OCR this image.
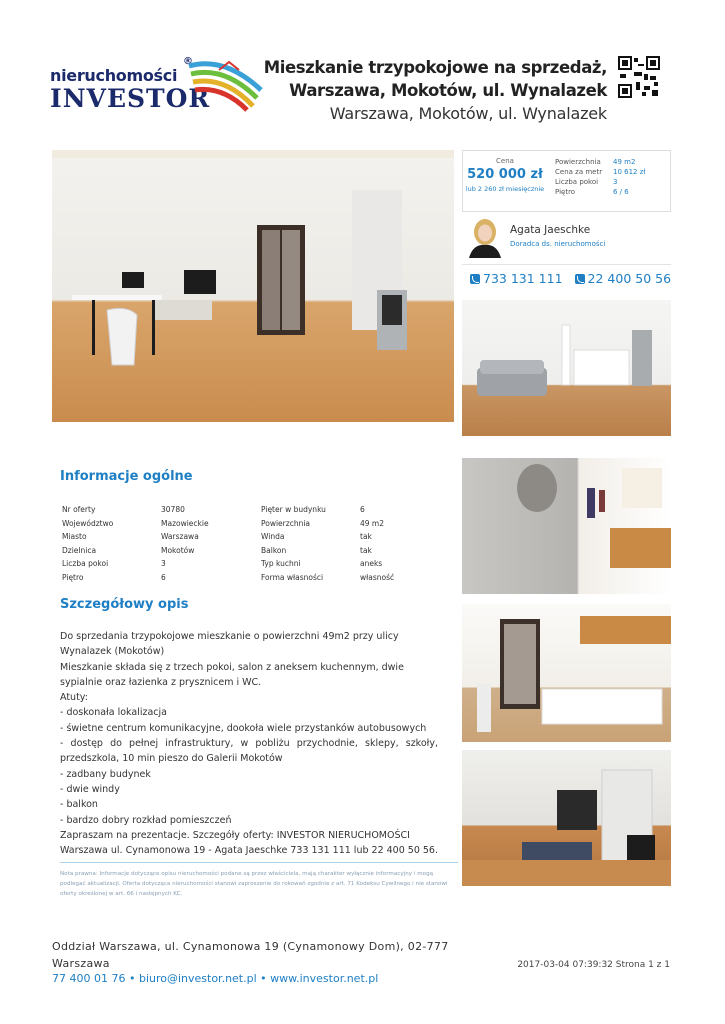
nieruchomości
INVESTOR
®	Mieszkanie trzypokojowe na sprzedaż, Warszawa, Mokotów, ul. Wynalazek
Warszawa, Mokotów, ul. Wynalazek
Cena
520 000 zł
lub 2 260 zł miesięcznie
Powierzchnia	49 m2
Cena za metr	10 612 zł
Liczba pokoi	3
Piętro	6 / 6
Agata Jaeschke
Doradca ds. nieruchomości
733 131 111 22 400 50 56
Informacje ogólne
Nr oferty	30780	Pięter w budynku	6
Województwo	Mazowieckie	Powierzchnia	49 m2
Miasto	Warszawa	Winda	tak
Dzielnica	Mokotów	Balkon	tak
Liczba pokoi	3	Typ kuchni	aneks
Piętro	6	Forma własności	własność
Szczegółowy opis

Do sprzedania trzypokojowe mieszkanie o powierzchni 49m2 przy ulicy Wynalazek (Mokotów)

Mieszkanie składa się z trzech pokoi, salon z aneksem kuchennym, dwie sypialnie oraz łazienka z prysznicem i WC.

Atuty:

- doskonała lokalizacja

- świetne centrum komunikacyjne, dookoła wiele przystanków autobusowych

- dostęp do pełnej infrastruktury, w pobliżu przychodnie, sklepy, szkoły, przedszkola, 10 min pieszo do Galerii Mokotów

- zadbany budynek

- dwie windy

- balkon

- bardzo dobry rozkład pomieszczeń

Zapraszam na prezentacje. Szczegóły oferty: INVESTOR NIERUCHOMOŚCI Warszawa ul. Cynamonowa 19 - Agata Jaeschke 733 131 111 lub 22 400 50 56.

Nota prawna: Informacje dotyczące opisu nieruchomości podane są przez właściciela, mają charakter wyłącznie informacyjny i mogą podlegać aktualizacji. Oferta dotycząca nieruchomości stanowi zaproszenie do rokowań zgodnie z art. 71 Kodeksu Cywilnego i nie stanowi oferty określonej w art. 66 i następnych KC.
Oddział Warszawa, ul. Cynamonowa 19 (Cynamonowy Dom), 02-777 Warszawa
77 400 01 76 • biuro@investor.net.pl • www.investor.net.pl
2017-03-04 07:39:32 Strona 1 z 1
